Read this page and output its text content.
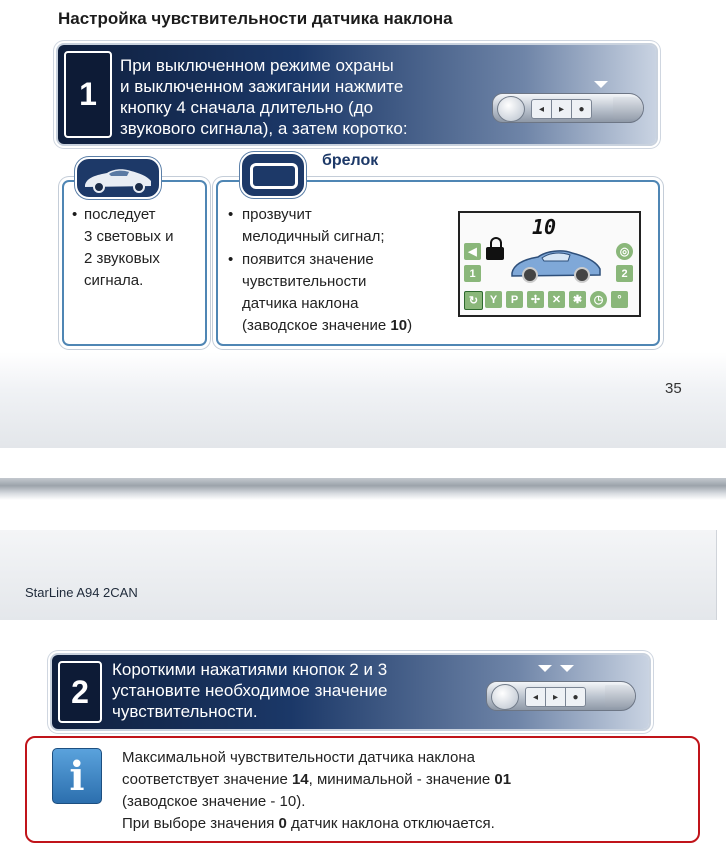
Настройка чувствительности датчика наклона
1
При выключенном режиме охраны
и выключенном зажигании нажмите
кнопку 4 сначала длительно (до
звукового сигнала), а затем коротко:
◂	▸	●
• последует
3 световых и
2 звуковых
сигнала.
брелок
• прозвучит
мелодичный сигнал;
• появится значение
чувствительности
датчика наклона
(заводское значение 10)
10
◀
1
◎
2
↻	Y	P	✢	✕	✱	◷	°
35
StarLine A94 2CAN
2
Короткими нажатиями кнопок 2 и 3
установите необходимое значение
чувствительности.
◂	▸	●
i	Максимальной чувствительности датчика наклона
соответствует значение 14, минимальной - значение 01
(заводское значение - 10).
При выборе значения 0 датчик наклона отключается.
